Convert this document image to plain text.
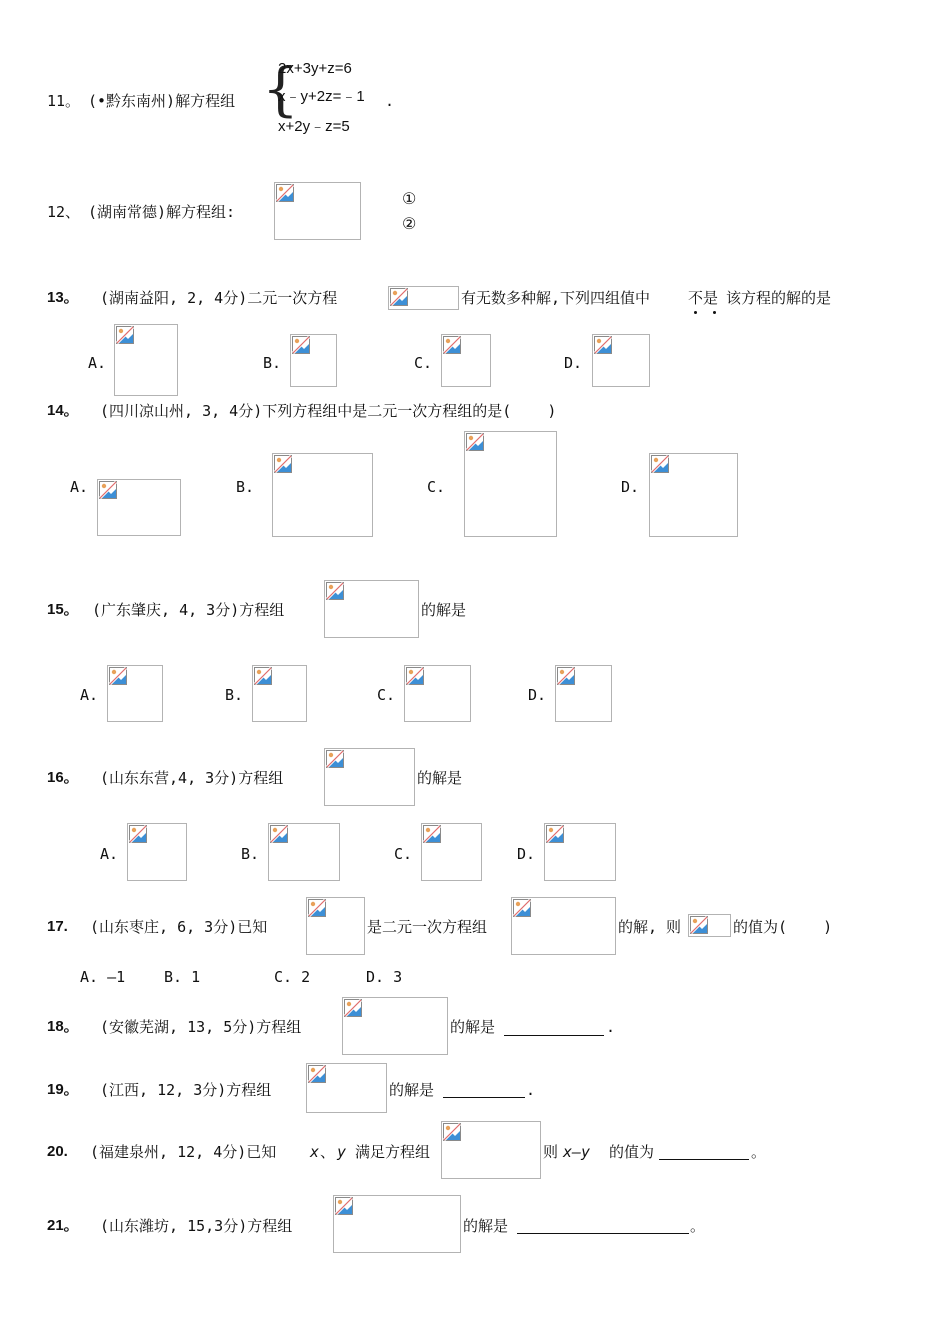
11。 (•黔东南州)解方程组 {
2x+3y+z=6
x﹣y+2z=﹣1
x+2y﹣z=5
.
12、 (湖南常德)解方程组:
①
②
13。 (湖南益阳, 2, 4分)二元一次方程	有无数多种解,下列四组值中	不是 该方程的解的是
A.	B.	C.	D.
14。 (四川凉山州, 3, 4分)下列方程组中是二元一次方程组的是(    )
A.	B.	C.	D.
15。 (广东肇庆, 4, 3分)方程组	的解是
A.	B.	C.	D.
16。 (山东东营,4, 3分)方程组	的解是
A.	B.	C.	D.
17. (山东枣庄, 6, 3分)已知	是二元一次方程组	的解, 则	的值为(    )
A. —1	B. 1	C. 2	D. 3
18。 (安徽芜湖, 13, 5分)方程组	的解是	.
19。 (江西, 12, 3分)方程组	的解是	.
20. (福建泉州, 12, 4分)已知 x 、 y 满足方程组	则
x—y 的值为	。
21。 (山东潍坊, 15,3分)方程组	的解是	。
